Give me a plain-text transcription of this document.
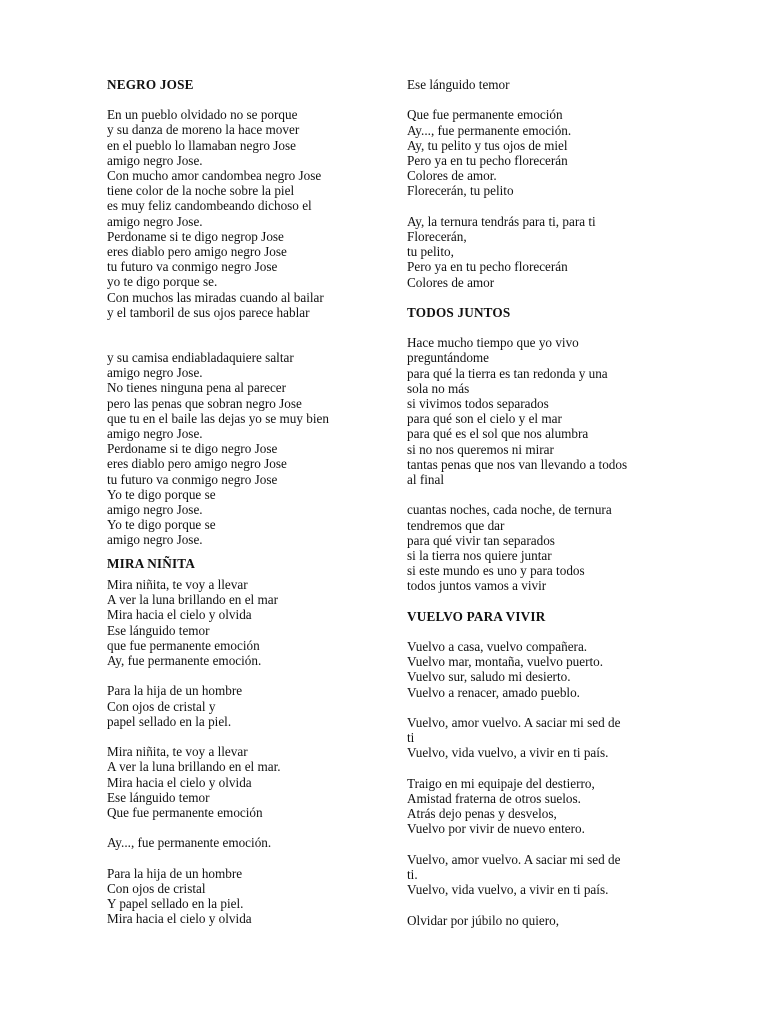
NEGRO JOSE
En un pueblo olvidado no se porque
y su danza de moreno la hace mover
en el pueblo lo llamaban negro Jose
amigo negro Jose.
Con mucho amor candombea negro Jose
tiene color de la noche sobre la piel
es muy feliz candombeando dichoso el
amigo negro Jose.
Perdoname si te digo negrop Jose
eres diablo pero amigo negro Jose
tu futuro va conmigo negro Jose
yo te digo porque se.
Con muchos las miradas cuando al bailar
y el tamboril de sus ojos parece hablar
y su camisa endiabladaquiere saltar
amigo negro Jose.
No tienes ninguna pena al parecer
pero las penas que sobran negro Jose
que tu en el baile las dejas yo se muy bien
amigo negro Jose.
Perdoname si te digo negro Jose
eres diablo pero amigo negro Jose
tu futuro va conmigo negro Jose
Yo te digo porque se
amigo negro Jose.
Yo te digo porque se
amigo negro Jose.
MIRA NIÑITA
Mira niñita, te voy a llevar
A ver la luna brillando en el mar
Mira hacia el cielo y olvida
Ese lánguido temor
que fue permanente emoción
Ay, fue permanente emoción.
Para la hija de un hombre
Con ojos de cristal y
papel sellado en la piel.
Mira niñita, te voy a llevar
A ver la luna brillando en el mar.
Mira hacia el cielo y olvida
Ese lánguido temor
Que fue permanente emoción
Ay..., fue permanente emoción.
Para la hija de un hombre
Con ojos de cristal
Y papel sellado en la piel.
Mira hacia el cielo y olvida
Ese lánguido temor
Que fue permanente emoción
Ay..., fue permanente emoción.
Ay, tu pelito y tus ojos de miel
Pero ya en tu pecho florecerán
Colores de amor.
Florecerán, tu pelito
Ay, la ternura tendrás para ti, para ti
Florecerán,
tu pelito,
Pero ya en tu pecho florecerán
Colores de amor
TODOS JUNTOS
Hace mucho tiempo que yo vivo
preguntándome
para qué la tierra es tan redonda y una
sola no más
si vivimos todos separados
para qué son el cielo y el mar
para qué es el sol que nos alumbra
si no nos queremos ni mirar
tantas penas que nos van llevando a todos
al final
cuantas noches, cada noche, de ternura
tendremos que dar
para qué vivir tan separados
si la tierra nos quiere juntar
si este mundo es uno y para todos
todos juntos vamos a vivir
VUELVO PARA VIVIR
Vuelvo a casa, vuelvo compañera.
Vuelvo mar, montaña, vuelvo puerto.
Vuelvo sur, saludo mi desierto.
Vuelvo a renacer, amado pueblo.
Vuelvo, amor vuelvo. A saciar mi sed de
ti
Vuelvo, vida vuelvo, a vivir en ti país.
Traigo en mi equipaje del destierro,
Amistad fraterna de otros suelos.
Atrás dejo penas y desvelos,
Vuelvo por vivir de nuevo entero.
Vuelvo, amor vuelvo. A saciar mi sed de
ti.
Vuelvo, vida vuelvo, a vivir en ti país.
Olvidar por júbilo no quiero,
